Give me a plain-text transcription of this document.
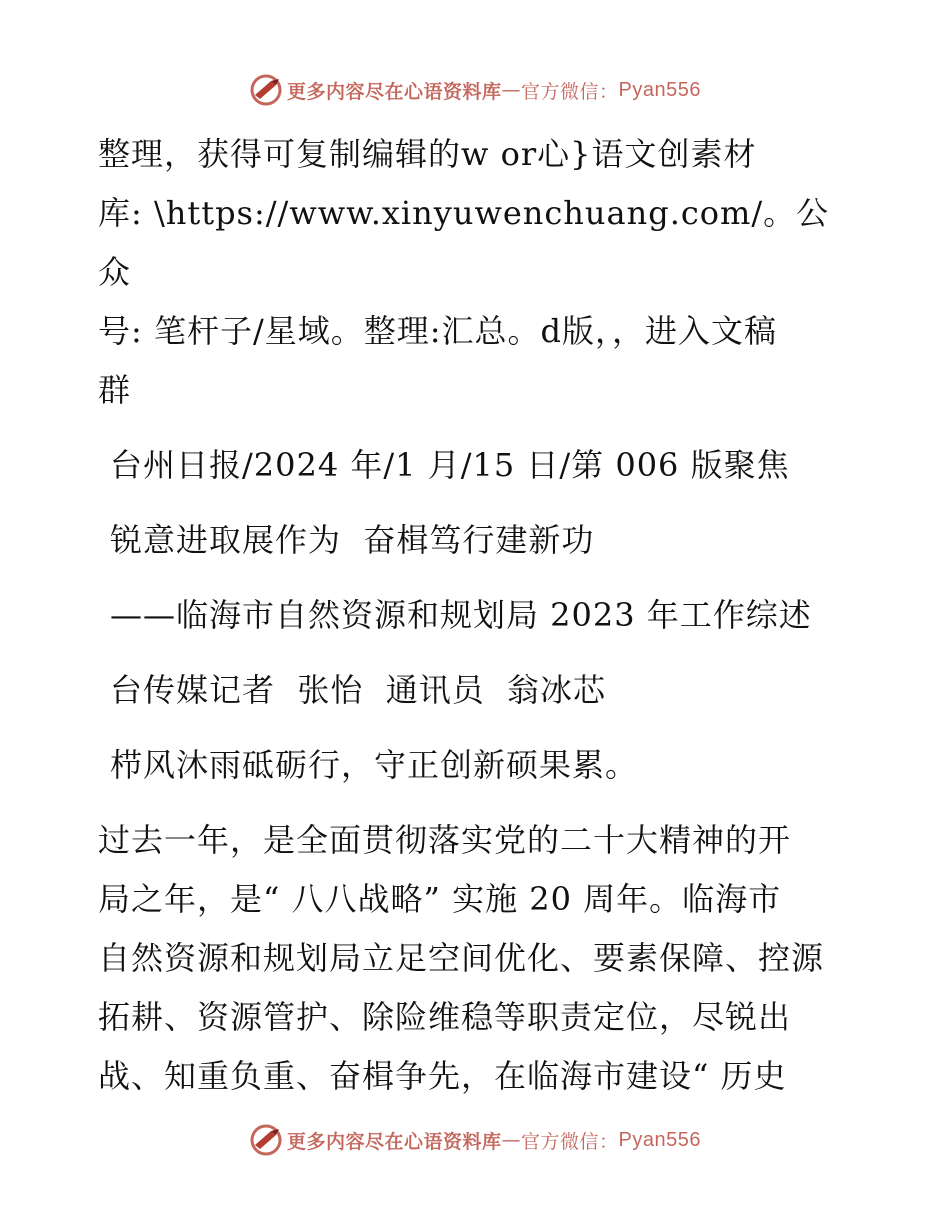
更多内容尽在心语资料库 — 官方微信： Pyan556

整理，获得可复制编辑的w or心}语文创素材

库: \https://www.xinyuwenchuang.com/。公众

号: 笔杆子/星域。整理:汇总。d版，，进入文稿

群

台州日报/2024 年/1 月/15 日/第 006 版聚焦

锐意进取展作为  奋楫笃行建新功

——临海市自然资源和规划局 2023 年工作综述

台传媒记者  张怡  通讯员  翁冰芯

栉风沐雨砥砺行，守正创新硕果累。

过去一年，是全面贯彻落实党的二十大精神的开

局之年，是“ 八八战略” 实施 20 周年。临海市

自然资源和规划局立足空间优化、要素保障、控源

拓耕、资源管护、除险维稳等职责定位，尽锐出

战、知重负重、奋楫争先，在临海市建设“ 历史

更多内容尽在心语资料库 — 官方微信： Pyan556
